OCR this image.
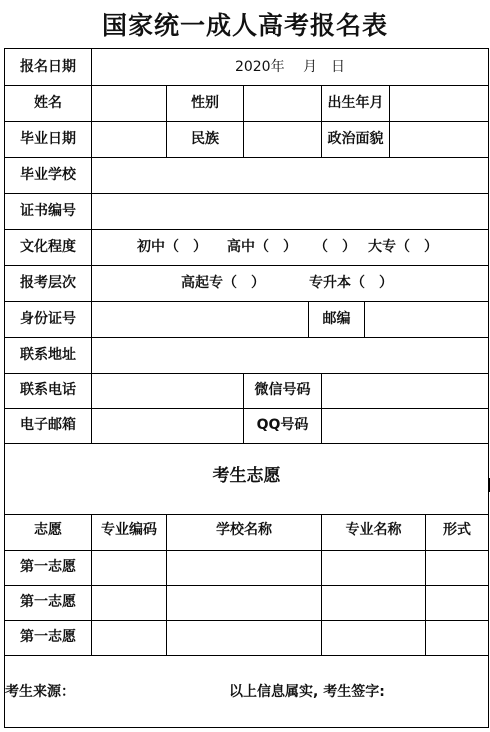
国家统一成人高考报名表
报名日期	2020年　 月　日
姓名	性别	出生年月
毕业日期	民族	政治面貌
毕业学校
证书编号
文化程度	初中（　） 高中（　） （　） 大专（　）
报考层次	高起专（　）	专升本（　）
身份证号	邮编
联系地址
联系电话	微信号码
电子邮箱	QQ号码
考生志愿
志愿	专业编码	学校名称	专业名称	形式
第一志愿
第一志愿
第一志愿
考生来源：	以上信息属实, 考生签字:
